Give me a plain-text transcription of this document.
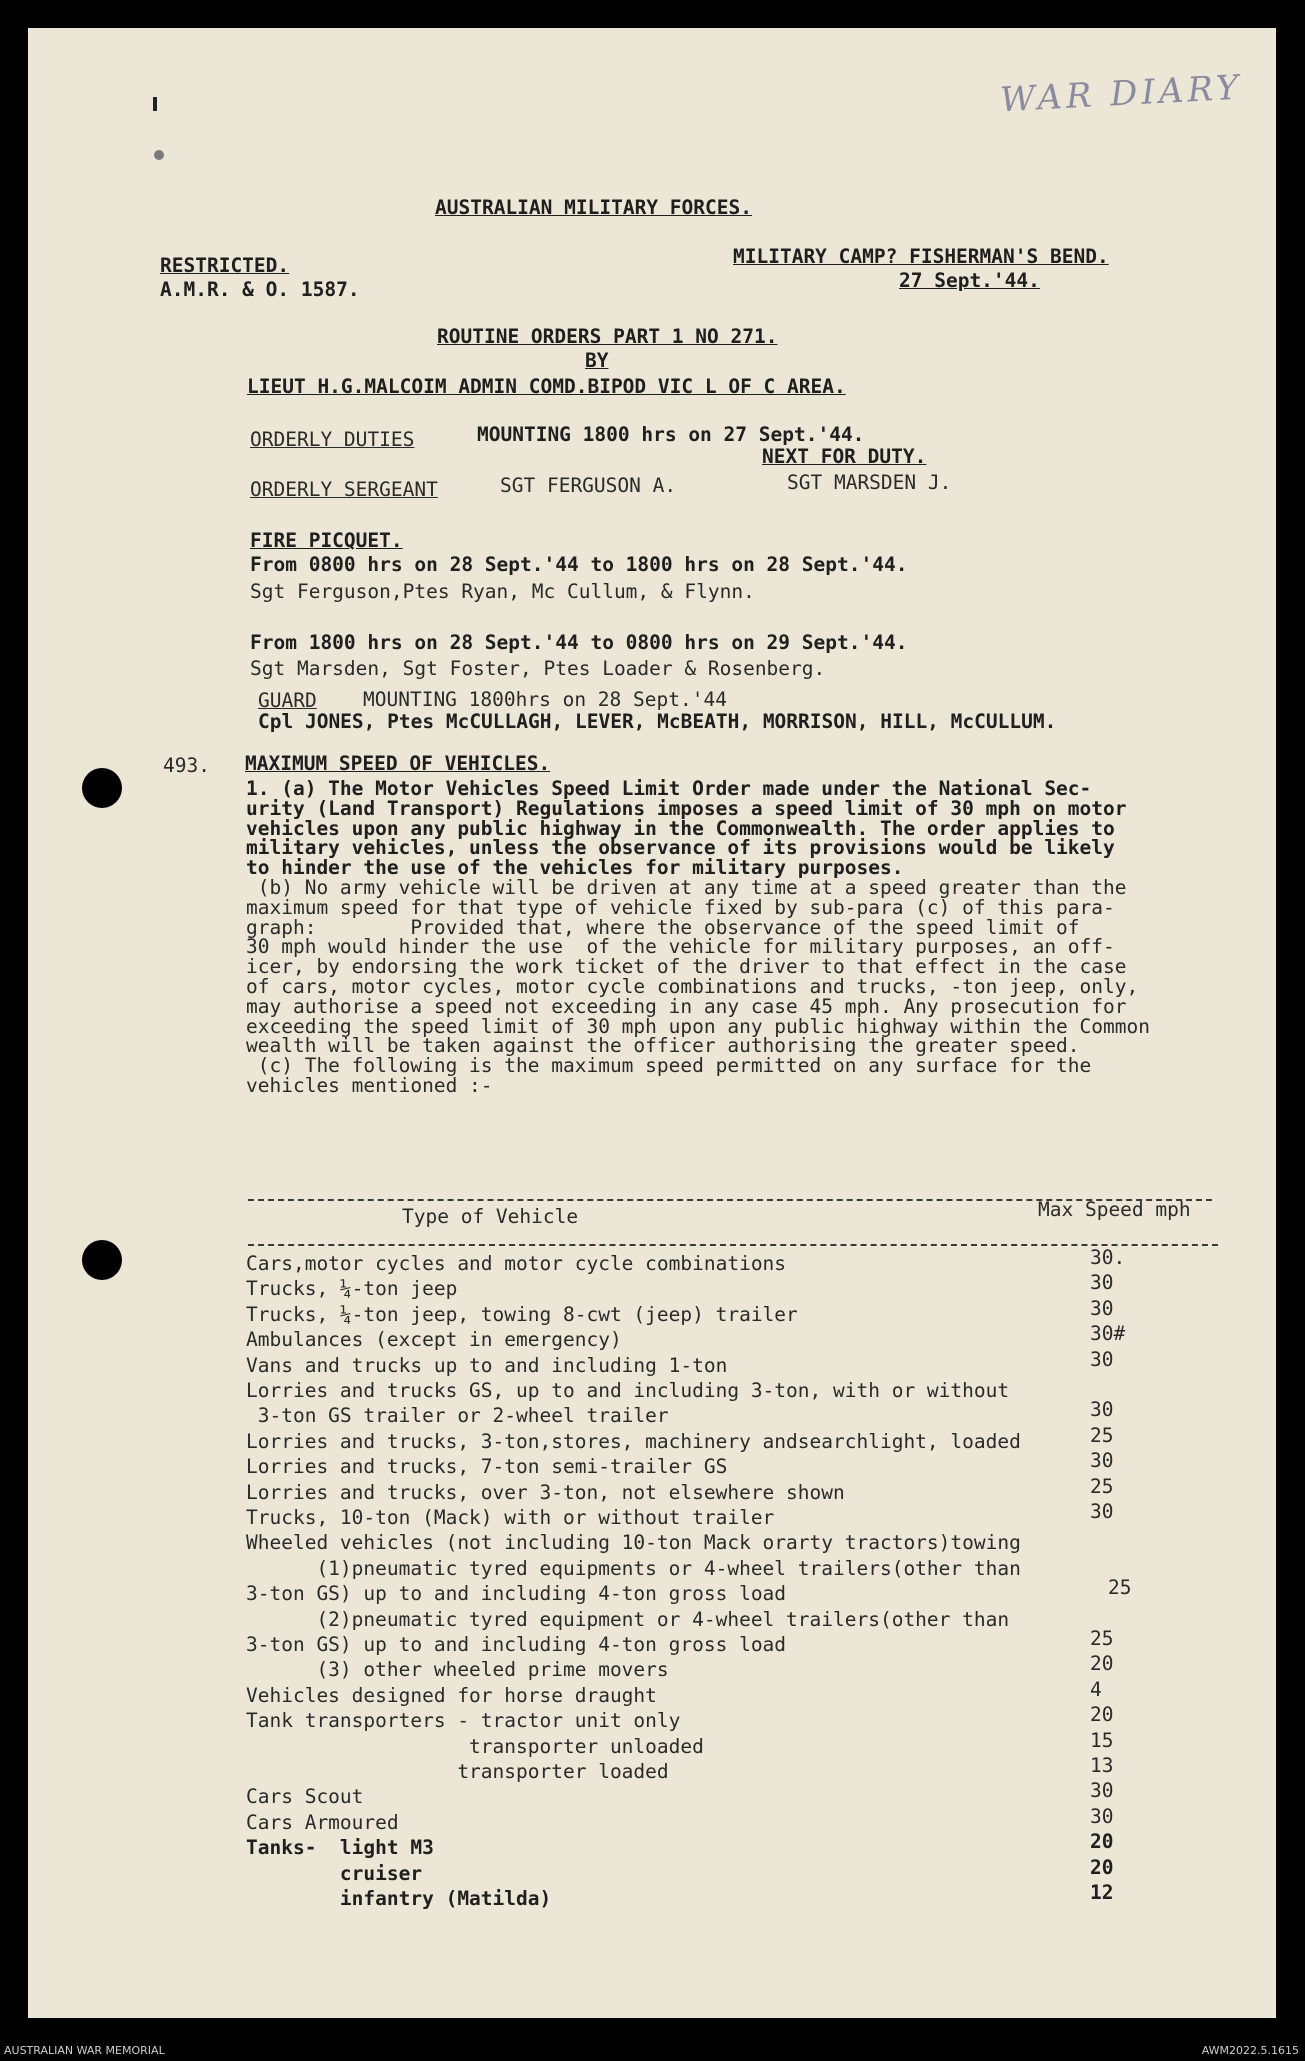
WAR DIARY
AUSTRALIAN MILITARY FORCES.
RESTRICTED.
A.M.R. & O. 1587.
MILITARY CAMP? FISHERMAN'S BEND.
27 Sept.'44.
ROUTINE ORDERS PART 1 NO 271.
BY
LIEUT H.G.MALCOIM ADMIN COMD.BIPOD VIC L OF C AREA.
ORDERLY DUTIES	MOUNTING 1800 hrs on 27 Sept.'44.
NEXT FOR DUTY.
ORDERLY SERGEANT	SGT FERGUSON A.	SGT MARSDEN J.
FIRE PICQUET.
From 0800 hrs on 28 Sept.'44 to 1800 hrs on 28 Sept.'44.
Sgt Ferguson,Ptes Ryan, Mc Cullum, & Flynn.
From 1800 hrs on 28 Sept.'44 to 0800 hrs on 29 Sept.'44.
Sgt Marsden, Sgt Foster, Ptes Loader & Rosenberg.
GUARD MOUNTING 1800hrs on 28 Sept.'44
Cpl JONES, Ptes McCULLAGH, LEVER, McBEATH, MORRISON, HILL, McCULLUM.
493. MAXIMUM SPEED OF VEHICLES.
1. (a) The Motor Vehicles Speed Limit Order made under the National Sec-
urity (Land Transport) Regulations imposes a speed limit of 30 mph on motor
vehicles upon any public highway in the Commonwealth. The order applies to
military vehicles, unless the observance of its provisions would be likely
to hinder the use of the vehicles for military purposes.
(b) No army vehicle will be driven at any time at a speed greater than the
maximum speed for that type of vehicle fixed by sub-para (c) of this para-
graph:        Provided that, where the observance of the speed limit of
30 mph would hinder the use  of the vehicle for military purposes, an off-
icer, by endorsing the work ticket of the driver to that effect in the case
of cars, motor cycles, motor cycle combinations and trucks, -ton jeep, only,
may authorise a speed not exceeding in any case 45 mph. Any prosecution for
exceeding the speed limit of 30 mph upon any public highway within the Common
wealth will be taken against the officer authorising the greater speed.
(c) The following is the maximum speed permitted on any surface for the
vehicles mentioned :-
Type of Vehicle	Max Speed mph
Cars,motor cycles and motor cycle combinations	30.
Trucks, ¼-ton jeep	30
Trucks, ¼-ton jeep, towing 8-cwt (jeep) trailer	30
Ambulances (except in emergency)	30#
Vans and trucks up to and including 1-ton	30
Lorries and trucks GS, up to and including 3-ton, with or without
3-ton GS trailer or 2-wheel trailer	30
Lorries and trucks, 3-ton,stores, machinery andsearchlight, loaded	25
Lorries and trucks, 7-ton semi-trailer GS	30
Lorries and trucks, over 3-ton, not elsewhere shown	25
Trucks, 10-ton (Mack) with or without trailer	30
Wheeled vehicles (not including 10-ton Mack orarty tractors)towing
(1)pneumatic tyred equipments or 4-wheel trailers(other than
3-ton GS) up to and including 4-ton gross load	25
(2)pneumatic tyred equipment or 4-wheel trailers(other than
3-ton GS) up to and including 4-ton gross load	25
(3) other wheeled prime movers	20
Vehicles designed for horse draught	4
Tank transporters - tractor unit only	20
transporter unloaded	15
transporter loaded	13
Cars Scout	30
Cars Armoured	30
Tanks-  light M3	20
cruiser	20
infantry (Matilda)	12
AUSTRALIAN WAR MEMORIAL	AWM2022.5.1615
